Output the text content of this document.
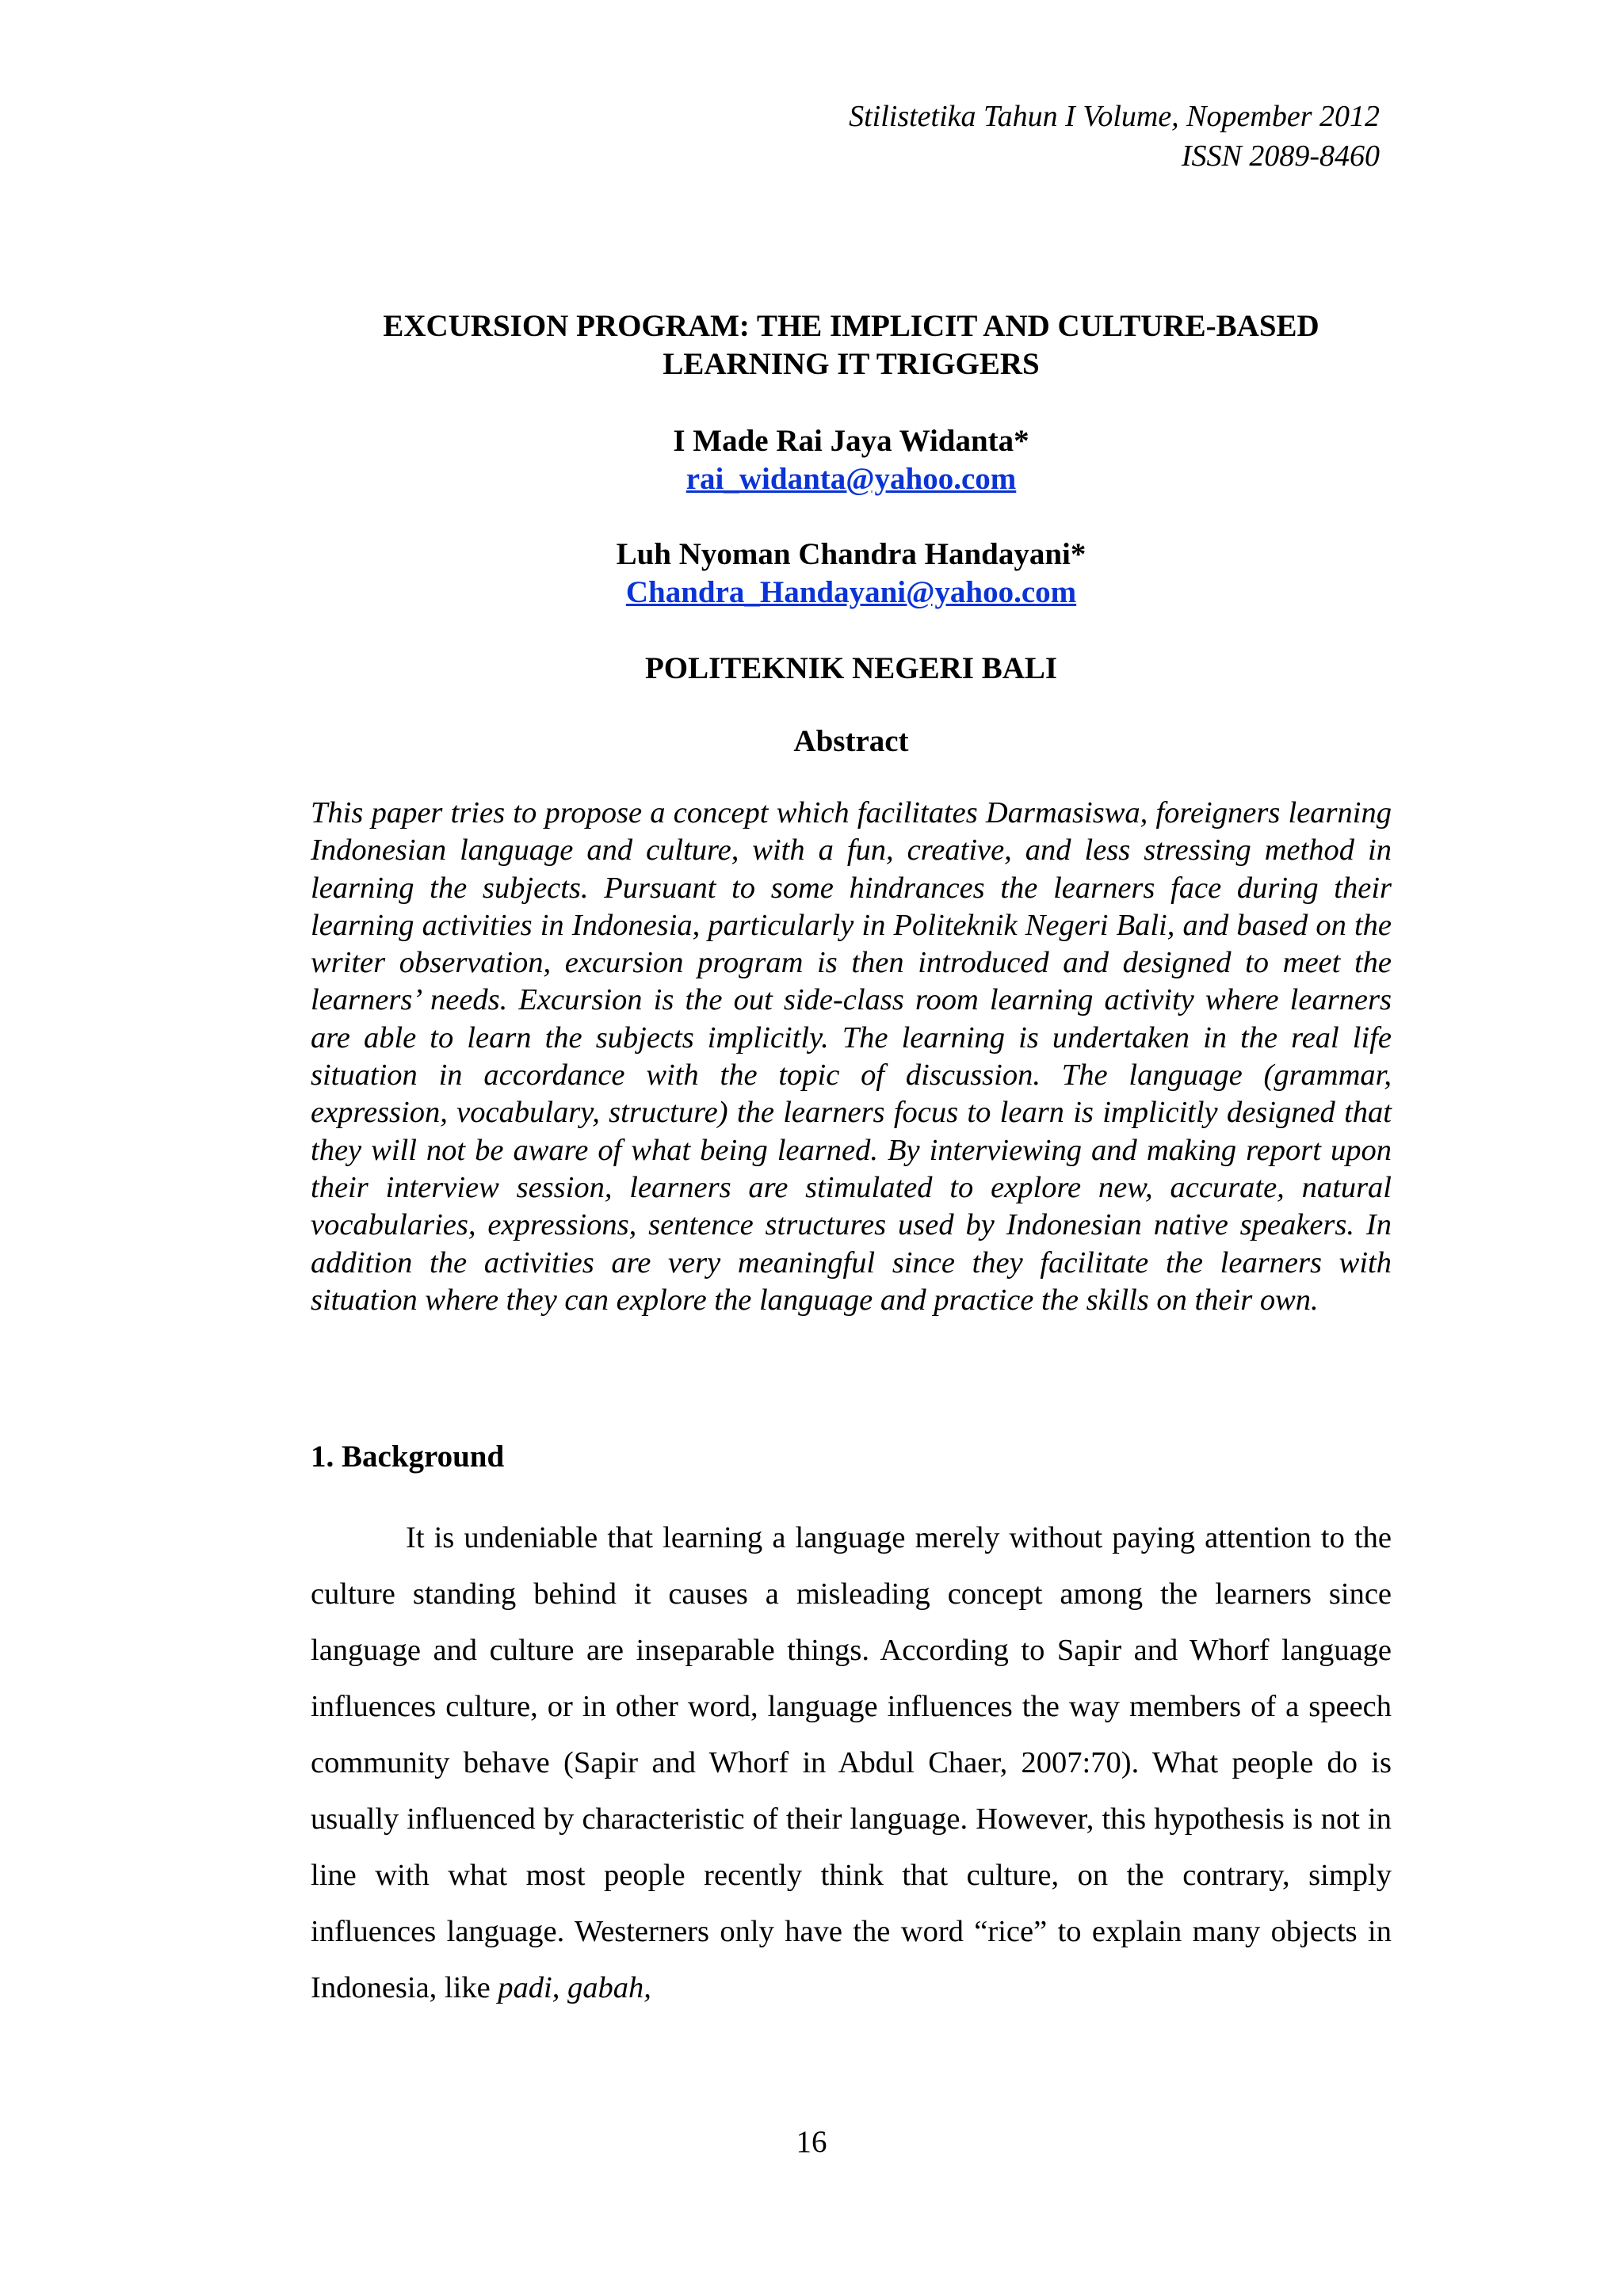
Stilistetika Tahun I Volume, Nopember 2012
ISSN 2089-8460
EXCURSION PROGRAM: THE IMPLICIT AND CULTURE-BASED
LEARNING IT TRIGGERS
I Made Rai Jaya Widanta*
rai_widanta@yahoo.com
Luh Nyoman Chandra Handayani*
Chandra_Handayani@yahoo.com
POLITEKNIK NEGERI BALI
Abstract
This paper tries to propose a concept which facilitates Darmasiswa, foreigners learning Indonesian language and culture, with a fun, creative, and less stressing method in learning the subjects. Pursuant to some hindrances the learners face during their learning activities in Indonesia, particularly in Politeknik Negeri Bali, and based on the writer observation, excursion program is then introduced and designed to meet the learners’ needs. Excursion is the out side-class room learning activity where learners are able to learn the subjects implicitly. The learning is undertaken in the real life situation in accordance with the topic of discussion. The language (grammar, expression, vocabulary, structure) the learners focus to learn is implicitly designed that they will not be aware of what being learned. By interviewing and making report upon their interview session, learners are stimulated to explore new, accurate, natural vocabularies, expressions, sentence structures used by Indonesian native speakers. In addition the activities are very meaningful since they facilitate the learners with situation where they can explore the language and practice the skills on their own.
1. Background
It is undeniable that learning a language merely without paying attention to the culture standing behind it causes a misleading concept among the learners since language and culture are inseparable things. According to Sapir and Whorf language influences culture, or in other word, language influences the way members of a speech community behave (Sapir and Whorf in Abdul Chaer, 2007:70). What people do is usually influenced by characteristic of their language. However, this hypothesis is not in line with what most people recently think that culture, on the contrary, simply influences language. Westerners only have the word “rice” to explain many objects in Indonesia, like padi, gabah,
16
